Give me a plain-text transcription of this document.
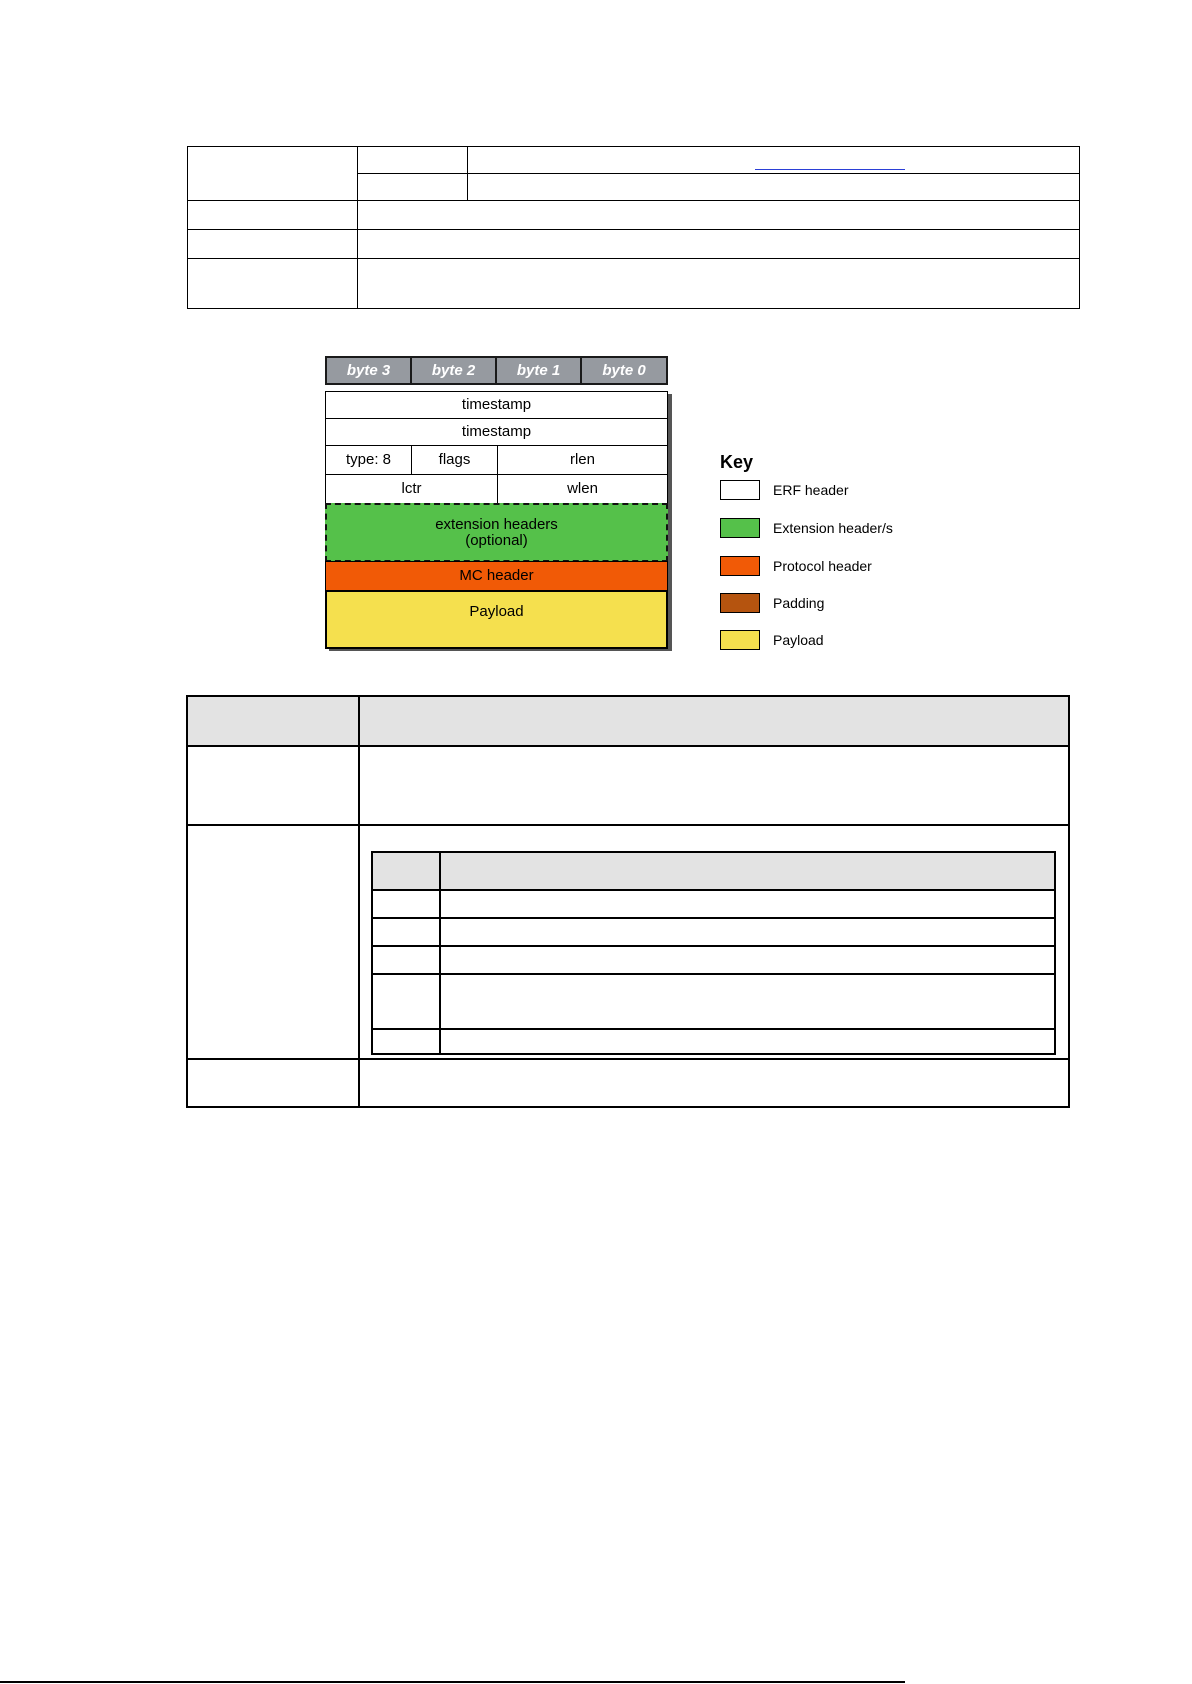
byte 3	byte 2	byte 1	byte 0
timestamp
timestamp
type: 8	flags	rlen
lctr	wlen
extension headers
(optional)
MC header
Payload
Key
ERF header
Extension header/s
Protocol header
Padding
Payload
